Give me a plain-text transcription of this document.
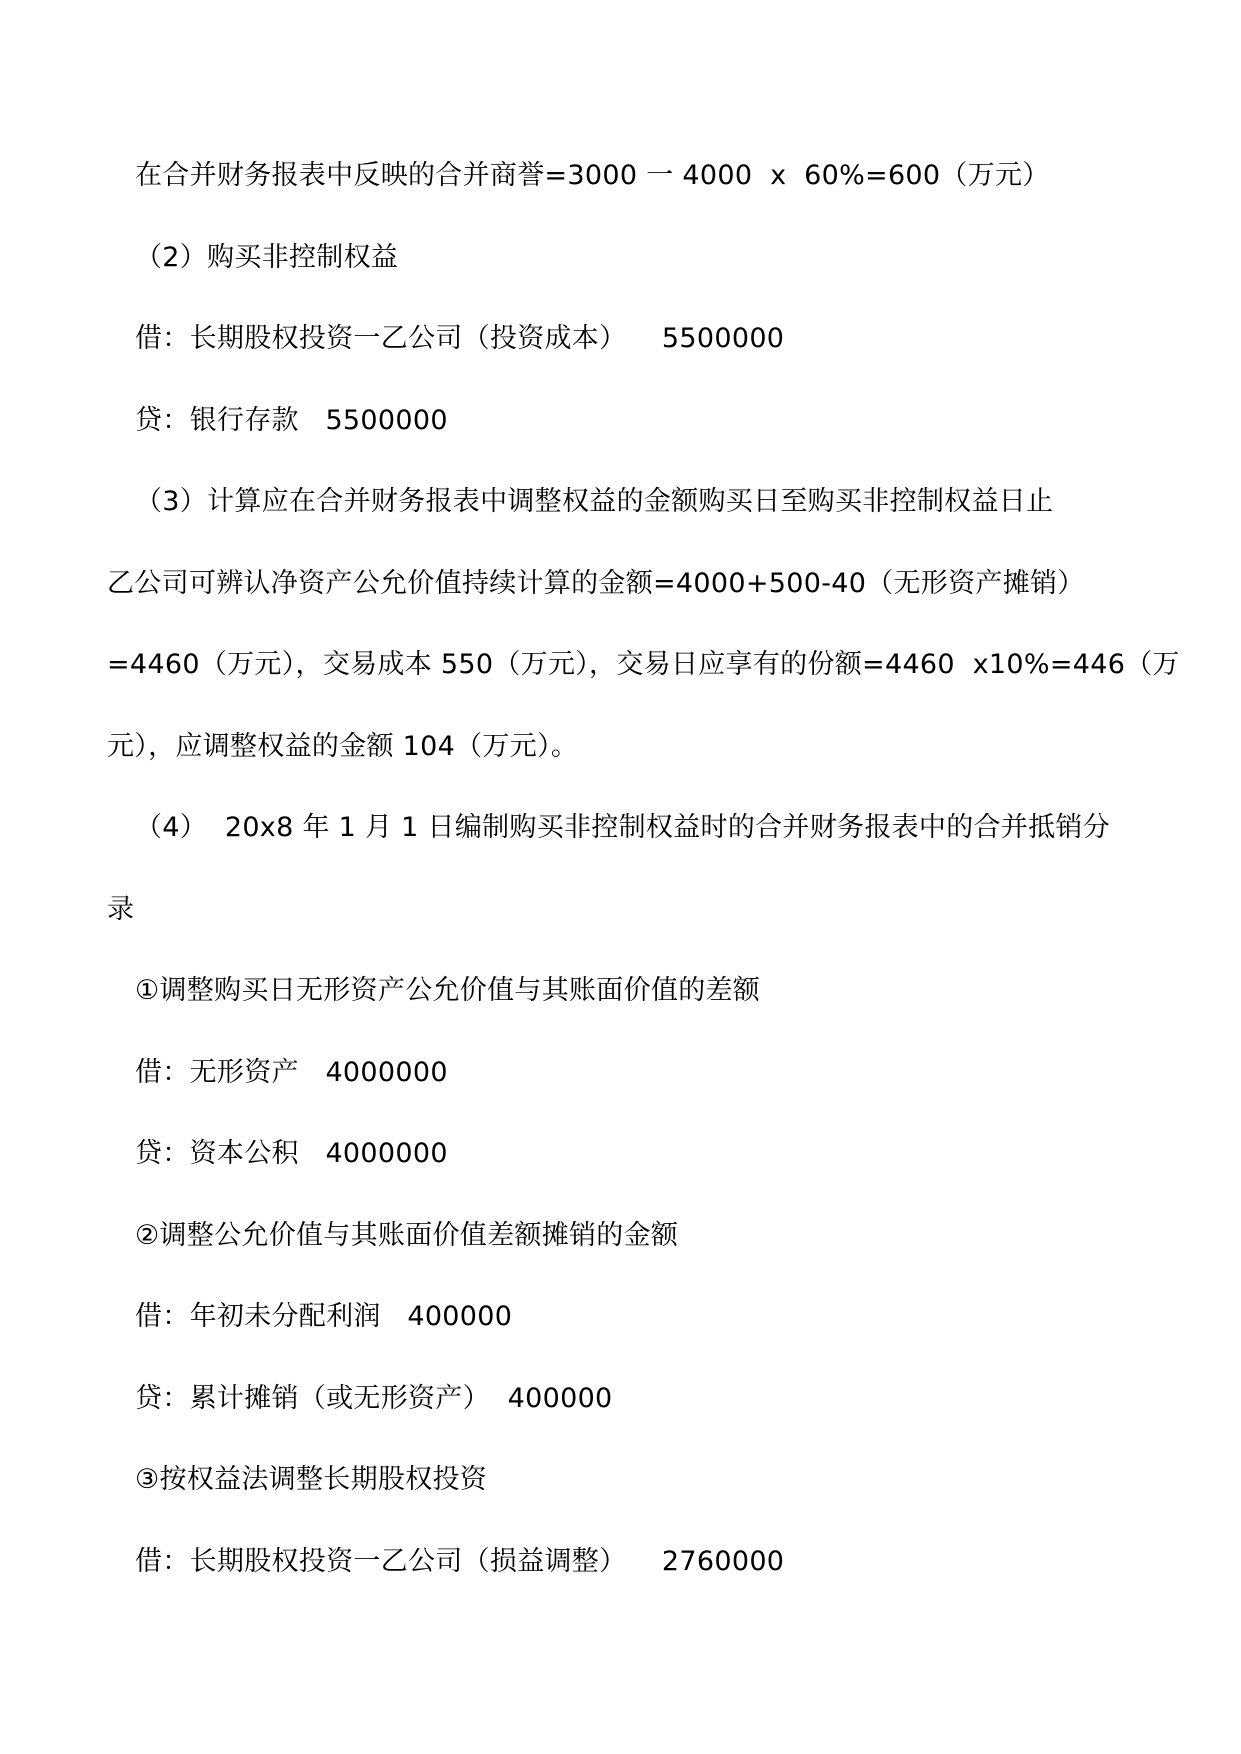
在合并财务报表中反映的合并商誉=3000 一 4000  x  60%=600（万元）
（2）购买非控制权益
借：长期股权投资一乙公司（投资成本）    5500000
贷：银行存款   5500000
（3）计算应在合并财务报表中调整权益的金额购买日至购买非控制权益日止
乙公司可辨认净资产公允价值持续计算的金额=4000+500-40（无形资产摊销）
=4460（万元），交易成本 550（万元），交易日应享有的份额=4460  x10%=446（万
元），应调整权益的金额 104（万元）。
（4）  20x8 年 1 月 1 日编制购买非控制权益时的合并财务报表中的合并抵销分
录
①调整购买日无形资产公允价值与其账面价值的差额
借：无形资产   4000000
贷：资本公积   4000000
②调整公允价值与其账面价值差额摊销的金额
借：年初未分配利润   400000
贷：累计摊销（或无形资产）  400000
③按权益法调整长期股权投资
借：长期股权投资一乙公司（损益调整）    2760000
